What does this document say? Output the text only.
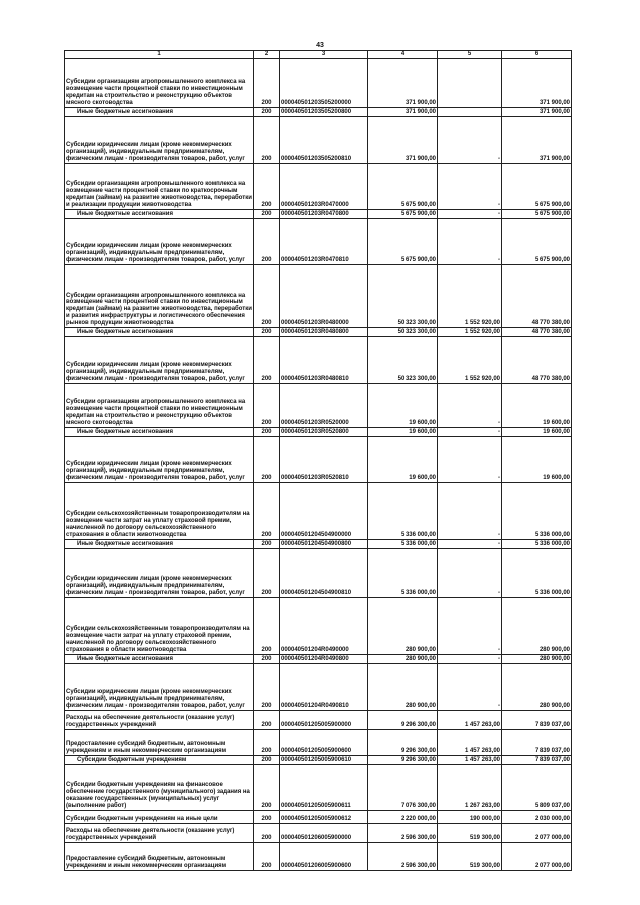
43
1	2	3	4	5	6
Субсидии организациям агропромышленного комплекса на возмещение части процентной ставки по инвестиционным кредитам на строительство и реконструкцию объектов мясного скотоводства	200	000040501203505200000	371 900,00		371 900,00
Иные бюджетные ассигнования	200	000040501203505200800	371 900,00		371 900,00
Субсидии юридическим лицам (кроме некоммерческих организаций), индивидуальным предпринимателям, физическим лицам - производителям товаров, работ, услуг	200	000040501203505200810	371 900,00	-	371 900,00
Субсидии организациям агропромышленного комплекса на возмещение части процентной ставки по краткосрочным кредитам (займам) на развитие животноводства, переработки и реализации продукции животноводства	200	000040501203R0470000	5 675 900,00	-	5 675 900,00
Иные бюджетные ассигнования	200	000040501203R0470800	5 675 900,00	-	5 675 900,00
Субсидии юридическим лицам (кроме некоммерческих организаций), индивидуальным предпринимателям, физическим лицам - производителям товаров, работ, услуг	200	000040501203R0470810	5 675 900,00	-	5 675 900,00
Субсидии организациям агропромышленного комплекса на возмещение части процентной ставки по инвестиционным кредитам (займам) на развитие животноводства, переработки и развития инфраструктуры и логистического обеспечения рынков продукции животноводства	200	000040501203R0480000	50 323 300,00	1 552 920,00	48 770 380,00
Иные бюджетные ассигнования	200	000040501203R0480800	50 323 300,00	1 552 920,00	48 770 380,00
Субсидии юридическим лицам (кроме некоммерческих организаций), индивидуальным предпринимателям, физическим лицам - производителям товаров, работ, услуг	200	000040501203R0480810	50 323 300,00	1 552 920,00	48 770 380,00
Субсидии организациям агропромышленного комплекса на возмещение части процентной ставки по инвестиционным кредитам на строительство и реконструкцию объектов мясного скотоводства	200	000040501203R0520000	19 600,00	-	19 600,00
Иные бюджетные ассигнования	200	000040501203R0520800	19 600,00	-	19 600,00
Субсидии юридическим лицам (кроме некоммерческих организаций), индивидуальным предпринимателям, физическим лицам - производителям товаров, работ, услуг	200	000040501203R0520810	19 600,00	-	19 600,00
Субсидии сельскохозяйственным товаропроизводителям на возмещение части затрат на уплату страховой премии, начисленной по договору сельскохозяйственного страхования в области животноводства	200	000040501204504900000	5 336 000,00	-	5 336 000,00
Иные бюджетные ассигнования	200	000040501204504900800	5 336 000,00	-	5 336 000,00
Субсидии юридическим лицам (кроме некоммерческих организаций), индивидуальным предпринимателям, физическим лицам - производителям товаров, работ, услуг	200	000040501204504900810	5 336 000,00	-	5 336 000,00
Субсидии сельскохозяйственным товаропроизводителям на возмещение части затрат на уплату страховой премии, начисленной по договору сельскохозяйственного страхования в области животноводства	200	000040501204R0490000	280 900,00	-	280 900,00
Иные бюджетные ассигнования	200	000040501204R0490800	280 900,00	-	280 900,00
Субсидии юридическим лицам (кроме некоммерческих организаций), индивидуальным предпринимателям, физическим лицам - производителям товаров, работ, услуг	200	000040501204R0490810	280 900,00	-	280 900,00
Расходы на обеспечение деятельности (оказание услуг) государственных учреждений	200	000040501205005900000	9 296 300,00	1 457 263,00	7 839 037,00
Предоставление субсидий бюджетным, автономным учреждениям и иным некоммерческим организациям	200	000040501205005900600	9 296 300,00	1 457 263,00	7 839 037,00
Субсидии бюджетным учреждениям	200	000040501205005900610	9 296 300,00	1 457 263,00	7 839 037,00
Субсидии бюджетным учреждениям на финансовое обеспечение государственного (муниципального) задания на оказание государственных (муниципальных) услуг (выполнение работ)	200	000040501205005900611	7 076 300,00	1 267 263,00	5 809 037,00
Субсидии бюджетным учреждениям на иные цели	200	000040501205005900612	2 220 000,00	190 000,00	2 030 000,00
Расходы на обеспечение деятельности (оказание услуг) государственных учреждений	200	000040501206005900000	2 596 300,00	519 300,00	2 077 000,00
Предоставление субсидий бюджетным, автономным учреждениям и иным некоммерческим организациям	200	000040501206005900600	2 596 300,00	519 300,00	2 077 000,00
